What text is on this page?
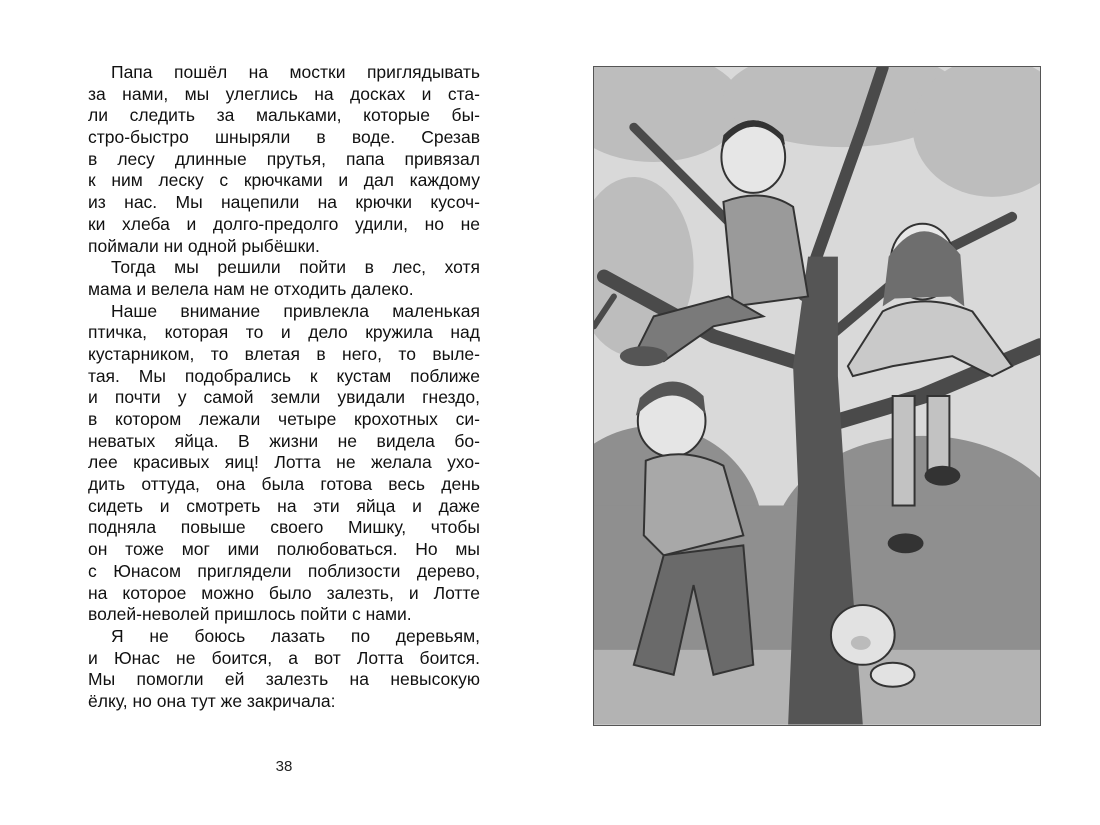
Папа пошёл на мостки приглядывать
за нами, мы улеглись на досках и ста-
ли следить за мальками, которые бы-
стро-быстро шныряли в воде. Срезав
в лесу длинные прутья, папа привязал
к ним леску с крючками и дал каждому
из нас. Мы нацепили на крючки кусоч-
ки хлеба и долго-предолго удили, но не
поймали ни одной рыбёшки.

Тогда мы решили пойти в лес, хотя
мама и велела нам не отходить далеко.

Наше внимание привлекла маленькая
птичка, которая то и дело кружила над
кустарником, то влетая в него, то выле-
тая. Мы подобрались к кустам поближе
и почти у самой земли увидали гнездо,
в котором лежали четыре крохотных си-
неватых яйца. В жизни не видела бо-
лее красивых яиц! Лотта не желала ухо-
дить оттуда, она была готова весь день
сидеть и смотреть на эти яйца и даже
подняла повыше своего Мишку, чтобы
он тоже мог ими полюбоваться. Но мы
с Юнасом приглядели поблизости дерево,
на которое можно было залезть, и Лотте
волей-неволей пришлось пойти с нами.

Я не боюсь лазать по деревьям,
и Юнас не боится, а вот Лотта боится.
Мы помогли ей залезть на невысокую
ёлку, но она тут же закричала:

38
